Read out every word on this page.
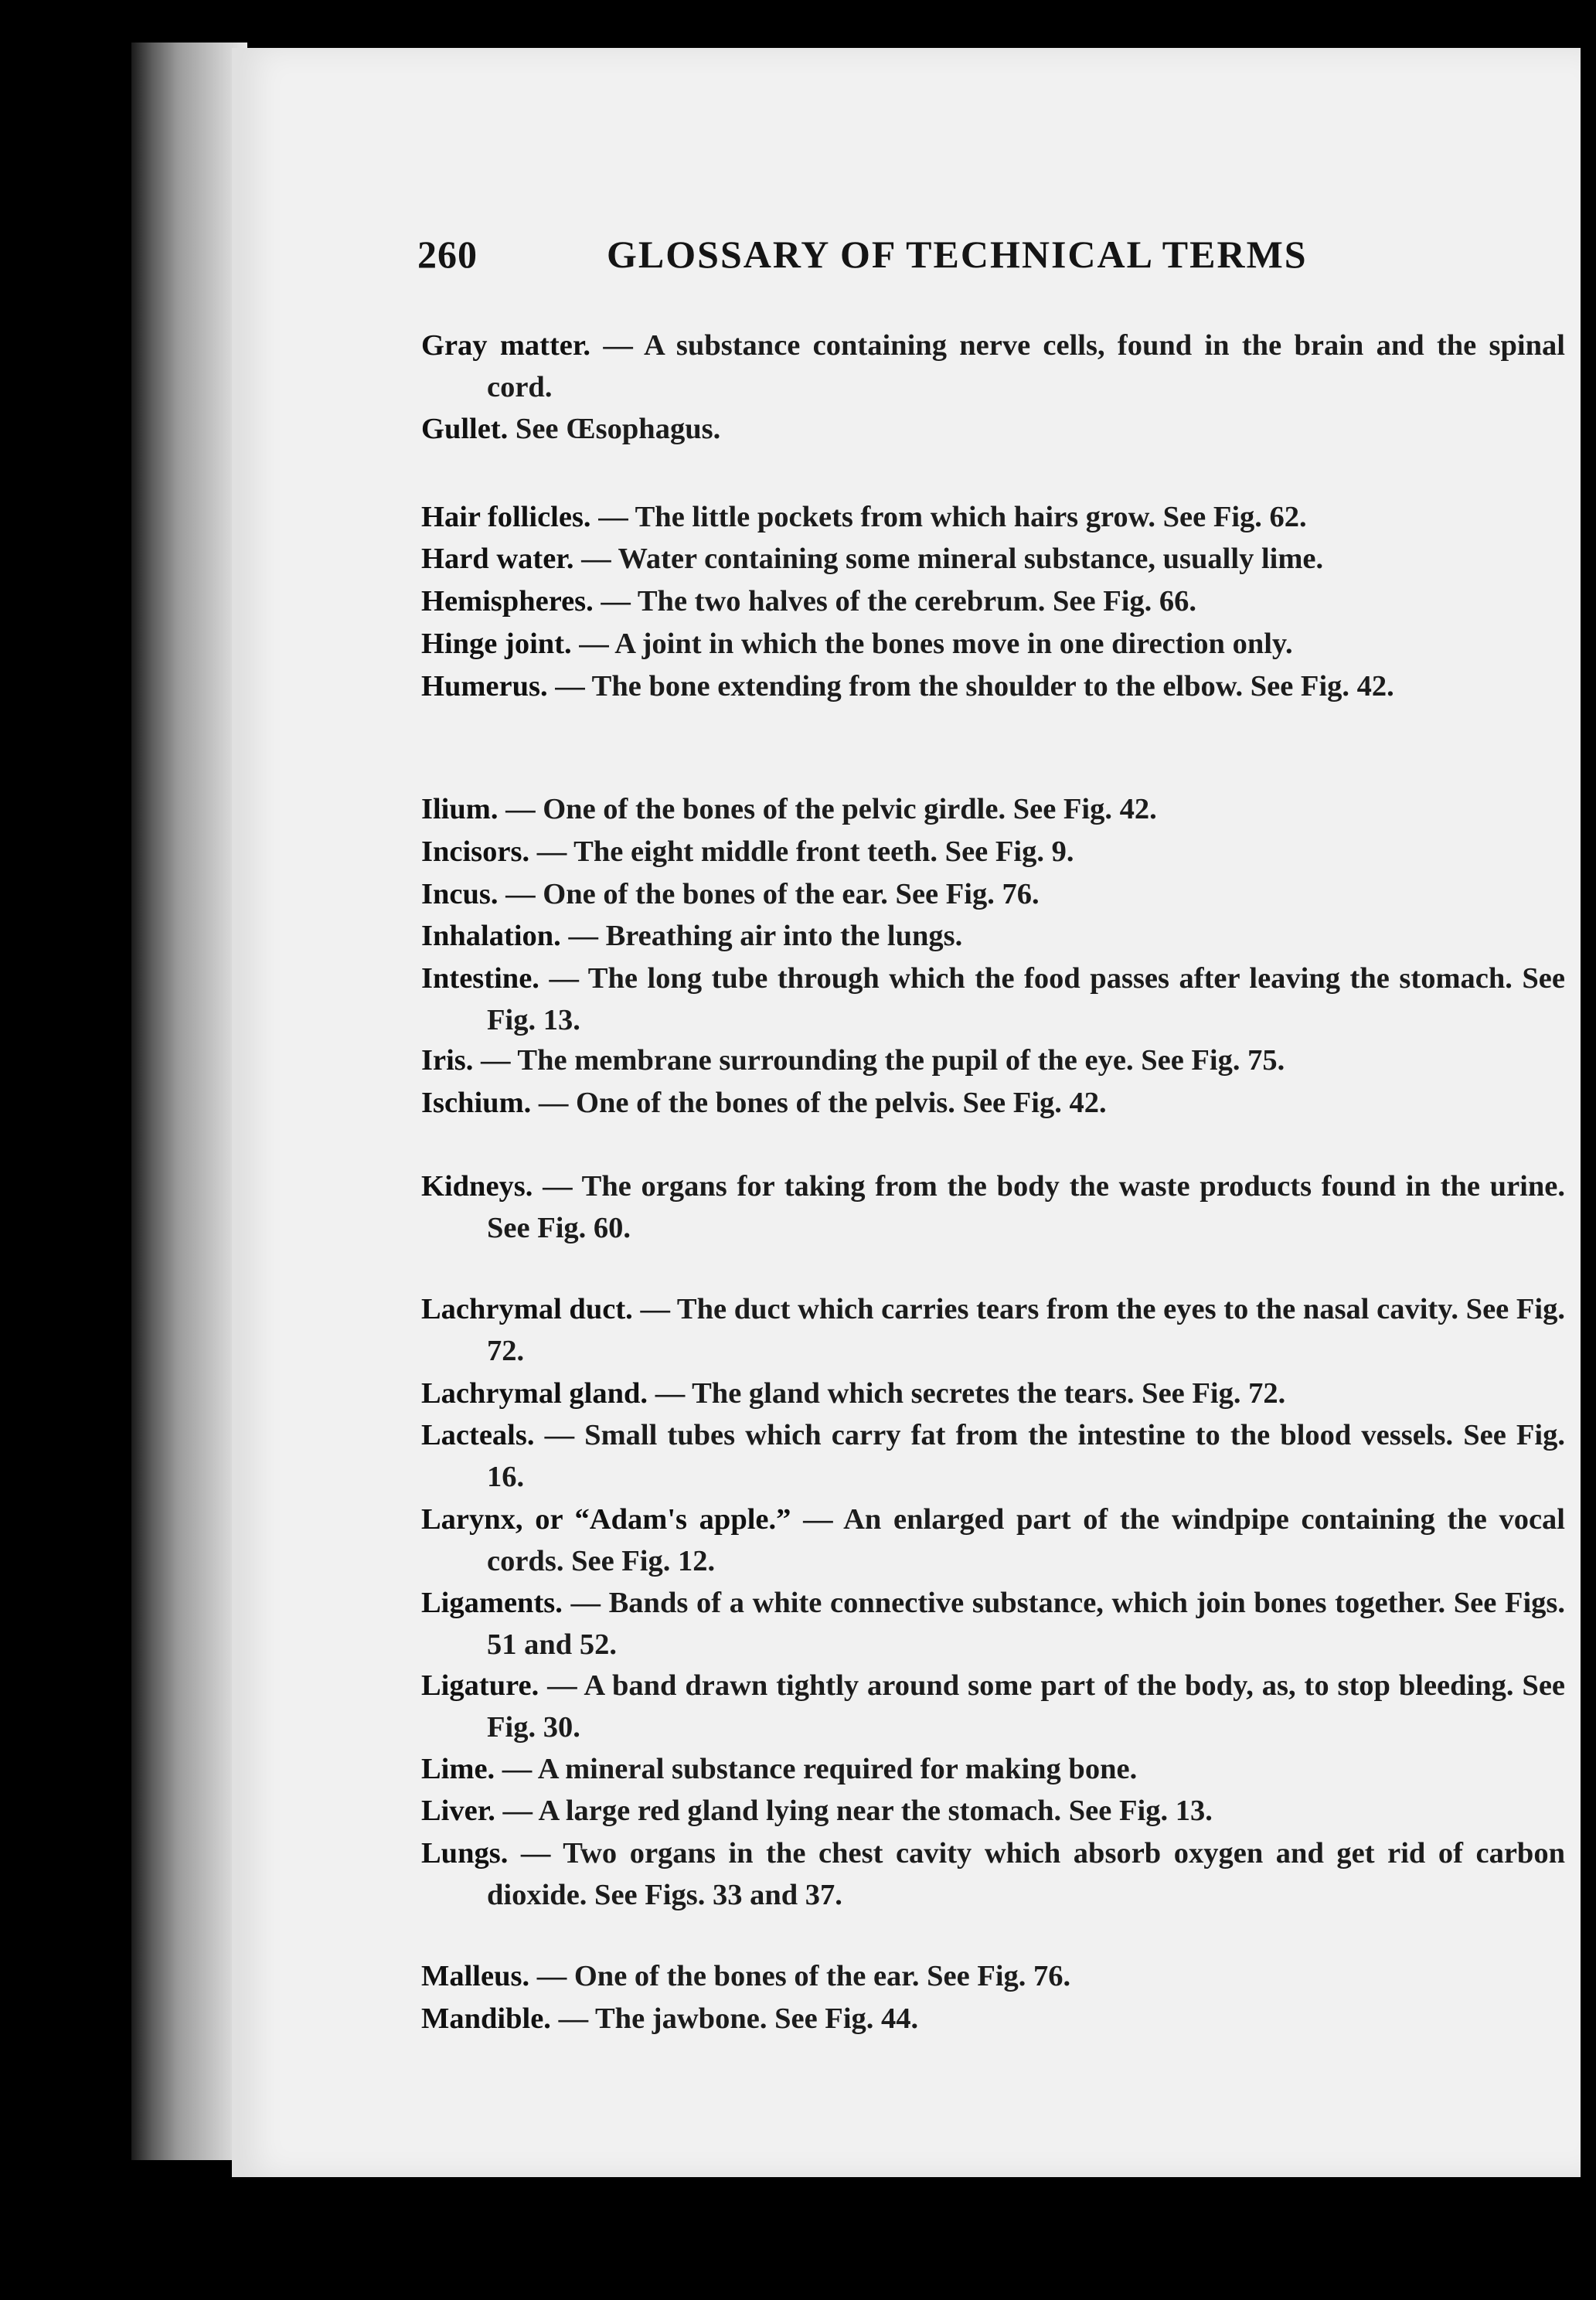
260	GLOSSARY OF TECHNICAL TERMS
Gray matter. — A substance containing nerve cells, found in the brain and the spinal cord.
Gullet. See Œsophagus.
Hair follicles. — The little pockets from which hairs grow. See Fig. 62.
Hard water. — Water containing some mineral substance, usually lime.
Hemispheres. — The two halves of the cerebrum. See Fig. 66.
Hinge joint. — A joint in which the bones move in one direction only.
Humerus. — The bone extending from the shoulder to the elbow. See Fig. 42.
Ilium. — One of the bones of the pelvic girdle. See Fig. 42.
Incisors. — The eight middle front teeth. See Fig. 9.
Incus. — One of the bones of the ear. See Fig. 76.
Inhalation. — Breathing air into the lungs.
Intestine. — The long tube through which the food passes after leaving the stomach. See Fig. 13.
Iris. — The membrane surrounding the pupil of the eye. See Fig. 75.
Ischium. — One of the bones of the pelvis. See Fig. 42.
Kidneys. — The organs for taking from the body the waste products found in the urine. See Fig. 60.
Lachrymal duct. — The duct which carries tears from the eyes to the nasal cavity. See Fig. 72.
Lachrymal gland. — The gland which secretes the tears. See Fig. 72.
Lacteals. — Small tubes which carry fat from the intestine to the blood vessels. See Fig. 16.
Larynx, or “Adam's apple.” — An enlarged part of the windpipe containing the vocal cords. See Fig. 12.
Ligaments. — Bands of a white connective substance, which join bones together. See Figs. 51 and 52.
Ligature. — A band drawn tightly around some part of the body, as, to stop bleeding. See Fig. 30.
Lime. — A mineral substance required for making bone.
Liver. — A large red gland lying near the stomach. See Fig. 13.
Lungs. — Two organs in the chest cavity which absorb oxygen and get rid of carbon dioxide. See Figs. 33 and 37.
Malleus. — One of the bones of the ear. See Fig. 76.
Mandible. — The jawbone. See Fig. 44.
